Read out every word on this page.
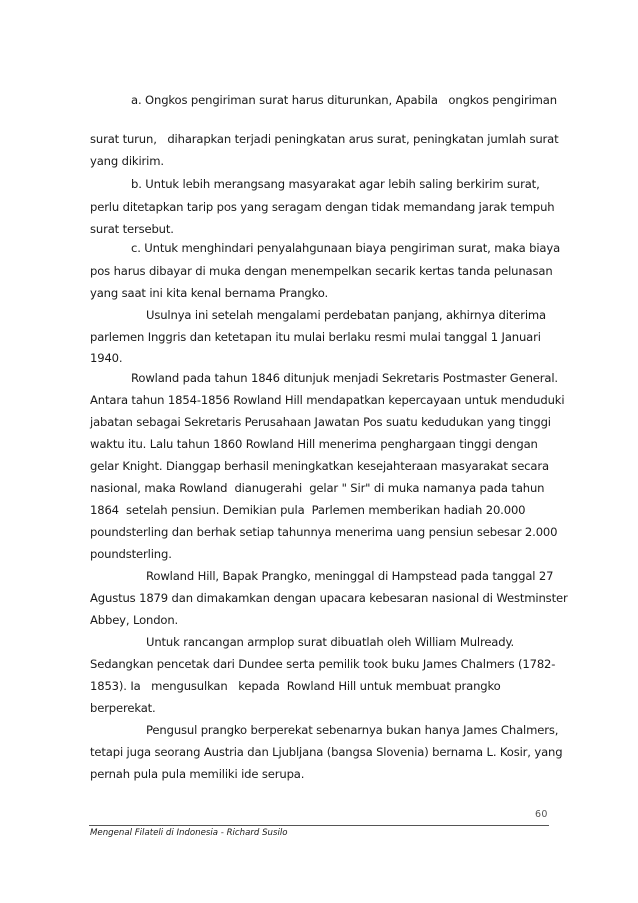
a. Ongkos pengiriman surat harus diturunkan, Apabila   ongkos pengiriman

surat turun,   diharapkan terjadi peningkatan arus surat, peningkatan jumlah surat

yang dikirim.

b. Untuk lebih merangsang masyarakat agar lebih saling berkirim surat,

perlu ditetapkan tarip pos yang seragam dengan tidak memandang jarak tempuh

surat tersebut.

c. Untuk menghindari penyalahgunaan biaya pengiriman surat, maka biaya

pos harus dibayar di muka dengan menempelkan secarik kertas tanda pelunasan

yang saat ini kita kenal bernama Prangko.

Usulnya ini setelah mengalami perdebatan panjang, akhirnya diterima

parlemen Inggris dan ketetapan itu mulai berlaku resmi mulai tanggal 1 Januari

1940.

Rowland pada tahun 1846 ditunjuk menjadi Sekretaris Postmaster General.

Antara tahun 1854-1856 Rowland Hill mendapatkan kepercayaan untuk menduduki

jabatan sebagai Sekretaris Perusahaan Jawatan Pos suatu kedudukan yang tinggi

waktu itu. Lalu tahun 1860 Rowland Hill menerima penghargaan tinggi dengan

gelar Knight. Dianggap berhasil meningkatkan kesejahteraan masyarakat secara

nasional, maka Rowland  dianugerahi  gelar " Sir" di muka namanya pada tahun

1864  setelah pensiun. Demikian pula  Parlemen memberikan hadiah 20.000

poundsterling dan berhak setiap tahunnya menerima uang pensiun sebesar 2.000

poundsterling.

Rowland Hill, Bapak Prangko, meninggal di Hampstead pada tanggal 27

Agustus 1879 dan dimakamkan dengan upacara kebesaran nasional di Westminster

Abbey, London.

Untuk rancangan armplop surat dibuatlah oleh William Mulready.

Sedangkan pencetak dari Dundee serta pemilik took buku James Chalmers (1782-

1853). Ia   mengusulkan   kepada  Rowland Hill untuk membuat prangko

berperekat.

Pengusul prangko berperekat sebenarnya bukan hanya James Chalmers,

tetapi juga seorang Austria dan Ljubljana (bangsa Slovenia) bernama L. Kosir, yang

pernah pula pula memiliki ide serupa.

60

Mengenal Filateli di Indonesia - Richard Susilo
